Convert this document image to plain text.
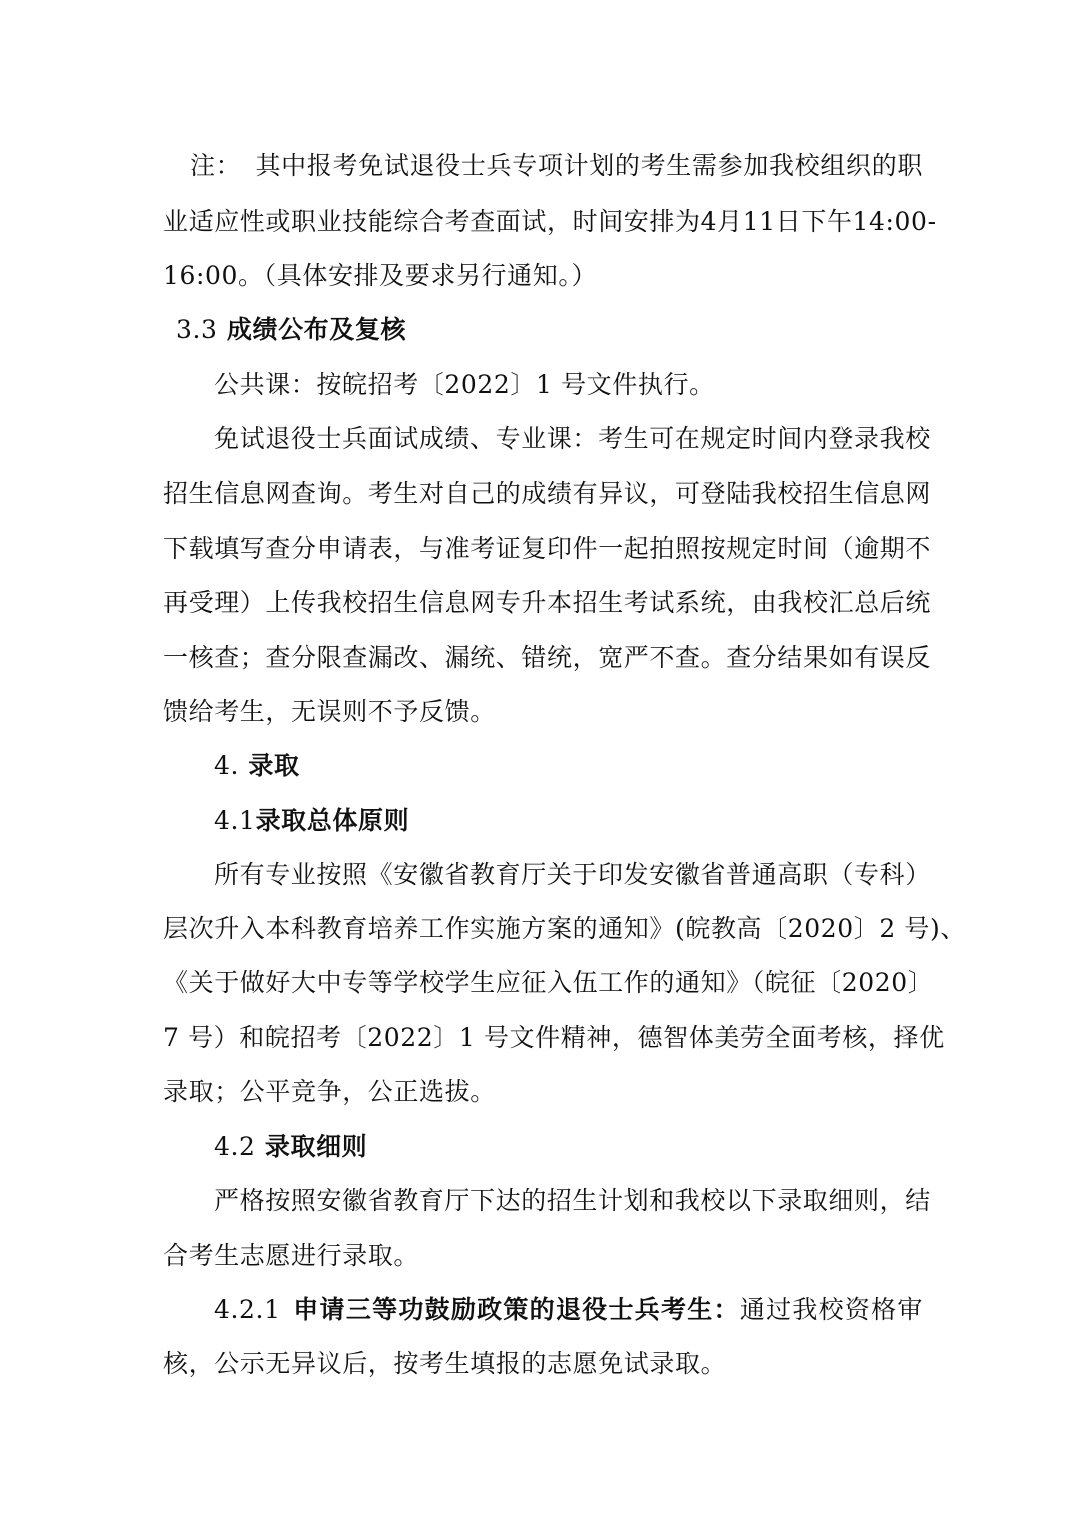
注： 其中报考免试退役士兵专项计划的考生需参加我校组织的职
业适应性或职业技能综合考查面试，时间安排为4月11日下午14:00-
16:00。（具体安排及要求另行通知。）
3.3 成绩公布及复核
公共课：按皖招考〔2022〕1 号文件执行。
免试退役士兵面试成绩、专业课：考生可在规定时间内登录我校
招生信息网查询。考生对自己的成绩有异议，可登陆我校招生信息网
下载填写查分申请表，与准考证复印件一起拍照按规定时间（逾期不
再受理）上传我校招生信息网专升本招生考试系统，由我校汇总后统
一核查；查分限查漏改、漏统、错统，宽严不查。查分结果如有误反
馈给考生，无误则不予反馈。
4. 录取
4.1录取总体原则
所有专业按照《安徽省教育厅关于印发安徽省普通高职（专科）
层次升入本科教育培养工作实施方案的通知》(皖教高〔2020〕2 号)、
《关于做好大中专等学校学生应征入伍工作的通知》（皖征〔2020〕
7 号）和皖招考〔2022〕1 号文件精神，德智体美劳全面考核，择优
录取；公平竞争，公正选拔。
4.2 录取细则
严格按照安徽省教育厅下达的招生计划和我校以下录取细则，结
合考生志愿进行录取。
4.2.1 申请三等功鼓励政策的退役士兵考生：通过我校资格审
核，公示无异议后，按考生填报的志愿免试录取。
